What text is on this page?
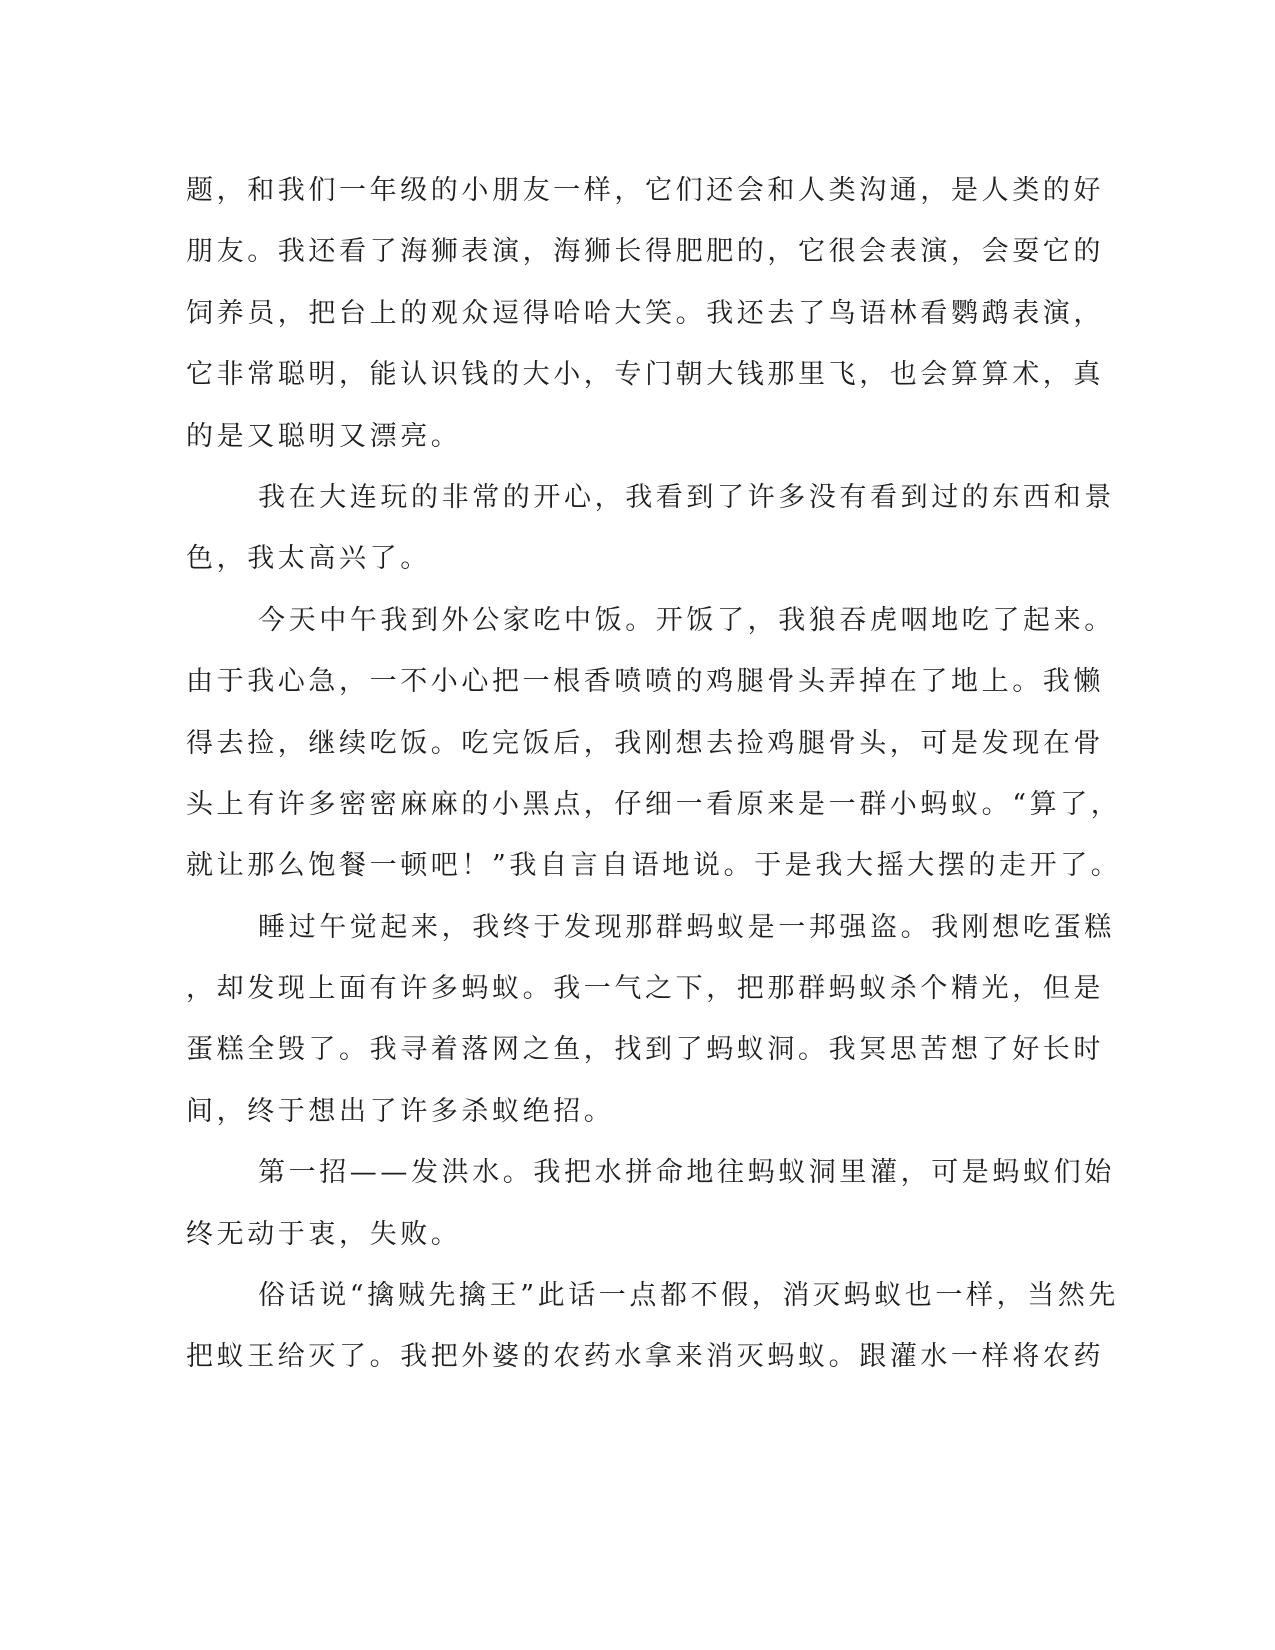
题，和我们一年级的小朋友一样，它们还会和人类沟通，是人类的好
朋友。我还看了海狮表演，海狮长得肥肥的，它很会表演，会耍它的
饲养员，把台上的观众逗得哈哈大笑。我还去了鸟语林看鹦鹉表演，
它非常聪明，能认识钱的大小，专门朝大钱那里飞，也会算算术，真
的是又聪明又漂亮。
我在大连玩的非常的开心，我看到了许多没有看到过的东西和景
色，我太高兴了。
今天中午我到外公家吃中饭。开饭了，我狼吞虎咽地吃了起来。
由于我心急，一不小心把一根香喷喷的鸡腿骨头弄掉在了地上。我懒
得去捡，继续吃饭。吃完饭后，我刚想去捡鸡腿骨头，可是发现在骨
头上有许多密密麻麻的小黑点，仔细一看原来是一群小蚂蚁。“算了，
就让那么饱餐一顿吧！”我自言自语地说。于是我大摇大摆的走开了。
睡过午觉起来，我终于发现那群蚂蚁是一邦强盗。我刚想吃蛋糕
，却发现上面有许多蚂蚁。我一气之下，把那群蚂蚁杀个精光，但是
蛋糕全毁了。我寻着落网之鱼，找到了蚂蚁洞。我冥思苦想了好长时
间，终于想出了许多杀蚁绝招。
第一招——发洪水。我把水拼命地往蚂蚁洞里灌，可是蚂蚁们始
终无动于衷，失败。
俗话说“擒贼先擒王”此话一点都不假，消灭蚂蚁也一样，当然先
把蚁王给灭了。我把外婆的农药水拿来消灭蚂蚁。跟灌水一样将农药
